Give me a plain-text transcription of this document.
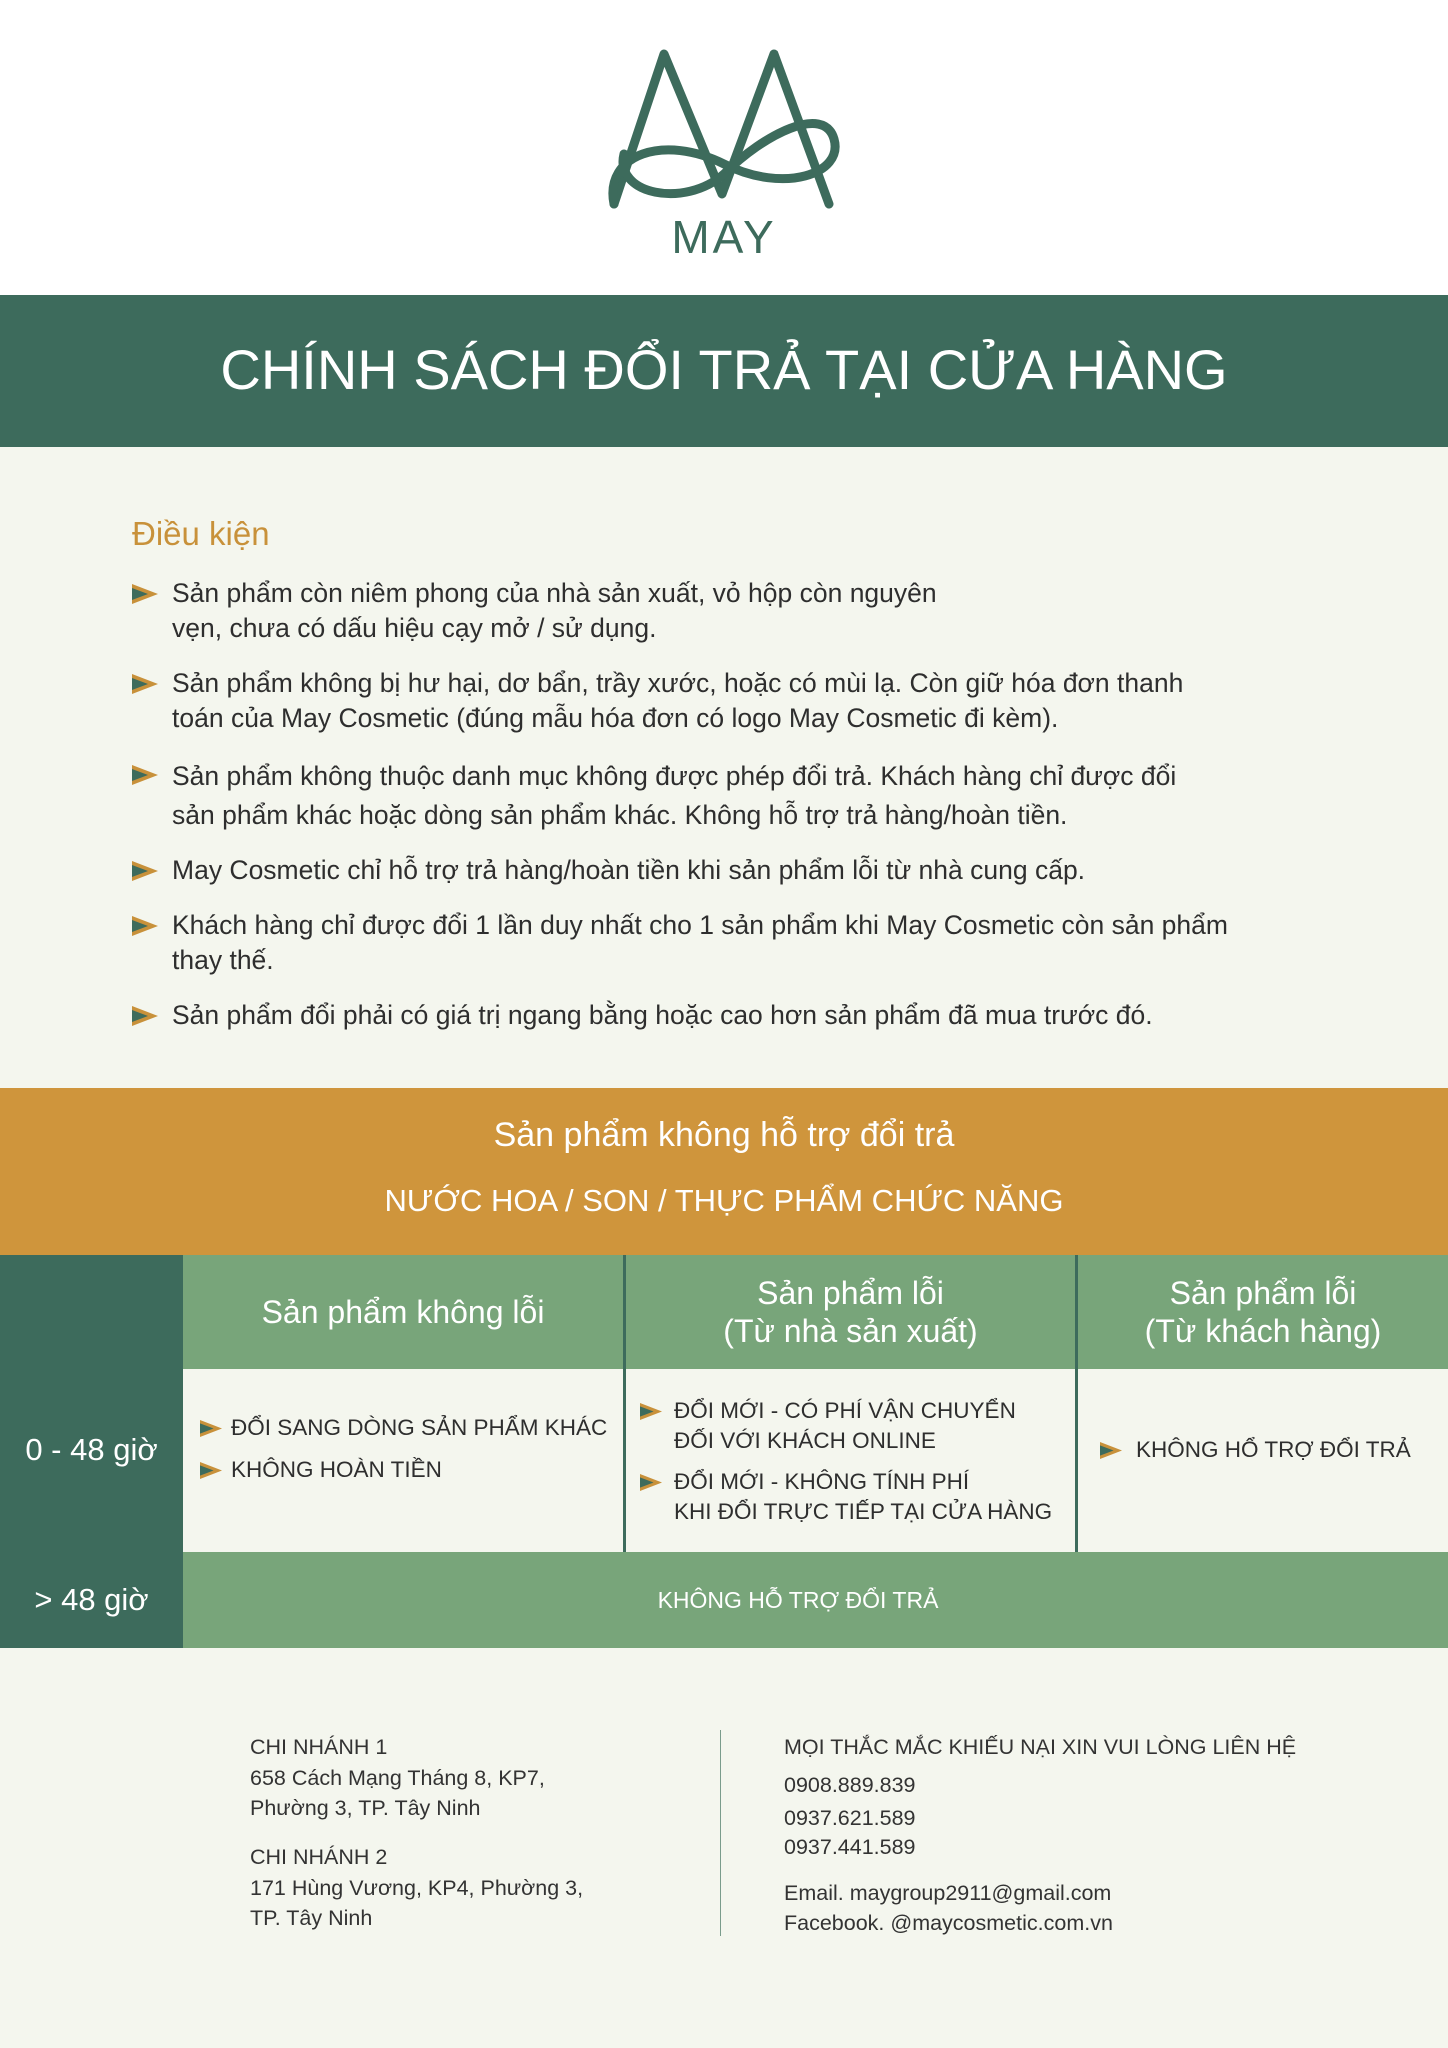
MAY
CHÍNH SÁCH ĐỔI TRẢ TẠI CỬA HÀNG
Điều kiện
Sản phẩm còn niêm phong của nhà sản xuất, vỏ hộp còn nguyên
vẹn, chưa có dấu hiệu cạy mở / sử dụng.
Sản phẩm không bị hư hại, dơ bẩn, trầy xước, hoặc có mùi lạ. Còn giữ hóa đơn thanh
toán của May Cosmetic (đúng mẫu hóa đơn có logo May Cosmetic đi kèm).
Sản phẩm không thuộc danh mục không được phép đổi trả. Khách hàng chỉ được đổi
sản phẩm khác hoặc dòng sản phẩm khác. Không hỗ trợ trả hàng/hoàn tiền.
May Cosmetic chỉ hỗ trợ trả hàng/hoàn tiền khi sản phẩm lỗi từ nhà cung cấp.
Khách hàng chỉ được đổi 1 lần duy nhất cho 1 sản phẩm khi May Cosmetic còn sản phẩm
thay thế.
Sản phẩm đổi phải có giá trị ngang bằng hoặc cao hơn sản phẩm đã mua trước đó.
Sản phẩm không hỗ trợ đổi trả
NƯỚC HOA / SON / THỰC PHẨM CHỨC NĂNG
0 - 48 giờ
> 48 giờ
Sản phẩm không lỗi
Sản phẩm lỗi
(Từ nhà sản xuất)
Sản phẩm lỗi
(Từ khách hàng)
ĐỔI SANG DÒNG SẢN PHẨM KHÁC
KHÔNG HOÀN TIỀN
ĐỔI MỚI - CÓ PHÍ VẬN CHUYỂN
ĐỐI VỚI KHÁCH ONLINE
ĐỔI MỚI - KHÔNG TÍNH PHÍ
KHI ĐỔI TRỰC TIẾP TẠI CỬA HÀNG
KHÔNG HỔ TRỢ ĐỔI TRẢ
KHÔNG HỖ TRỢ ĐỔI TRẢ
CHI NHÁNH 1
658 Cách Mạng Tháng 8, KP7,
Phường 3, TP. Tây Ninh
CHI NHÁNH 2
171 Hùng Vương, KP4, Phường 3,
TP. Tây Ninh
MỌI THẮC MẮC KHIẾU NẠI XIN VUI LÒNG LIÊN HỆ
0908.889.839
0937.621.589
0937.441.589
Email. maygroup2911@gmail.com
Facebook. @maycosmetic.com.vn
